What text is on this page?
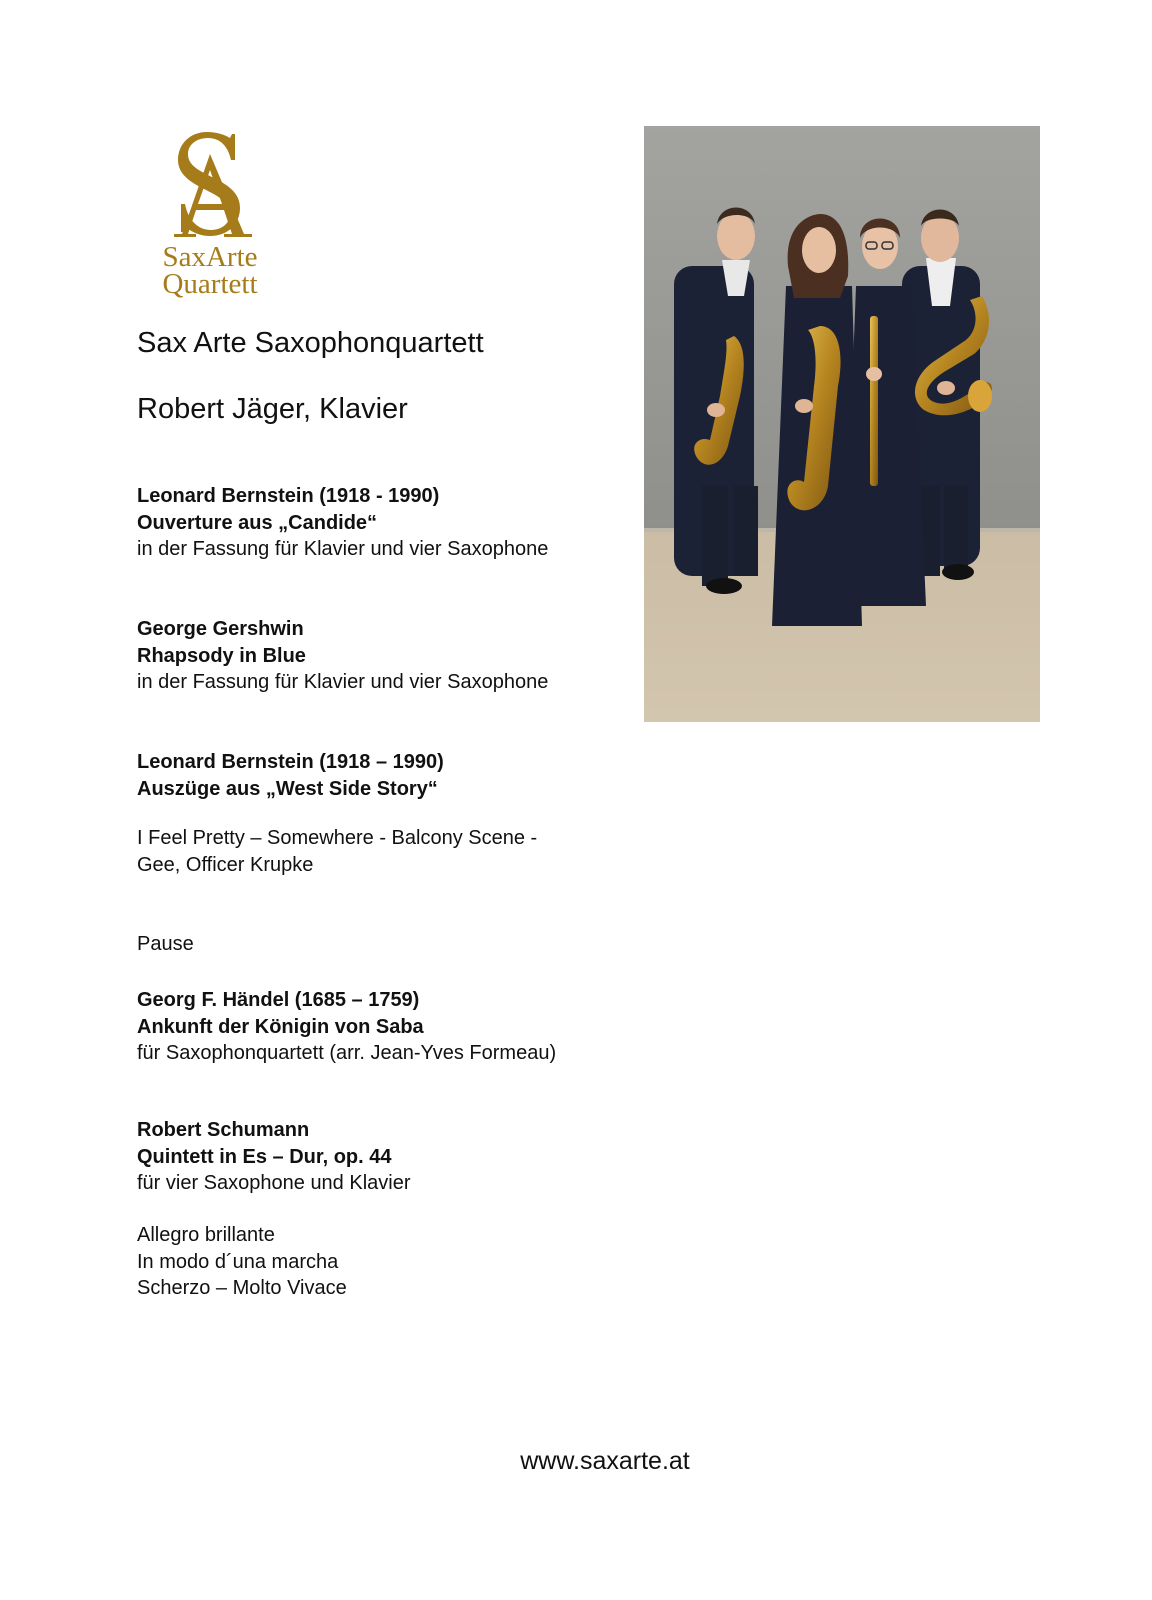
SaxArte
Quartett
Sax Arte Saxophonquartett
Robert Jäger, Klavier
Leonard Bernstein (1918 - 1990)
Ouverture aus „Candide“
in der Fassung für Klavier und vier Saxophone
George Gershwin
Rhapsody in Blue
in der Fassung für Klavier und vier Saxophone
Leonard Bernstein (1918 – 1990)
Auszüge aus „West Side Story“
I Feel Pretty – Somewhere - Balcony Scene -
Gee, Officer Krupke
Pause
Georg F. Händel (1685 – 1759)
Ankunft der Königin von Saba
für Saxophonquartett (arr. Jean-Yves Formeau)
Robert Schumann
Quintett in Es – Dur, op. 44
für vier Saxophone und Klavier
Allegro brillante
In modo d´una marcha
Scherzo – Molto Vivace
www.saxarte.at
